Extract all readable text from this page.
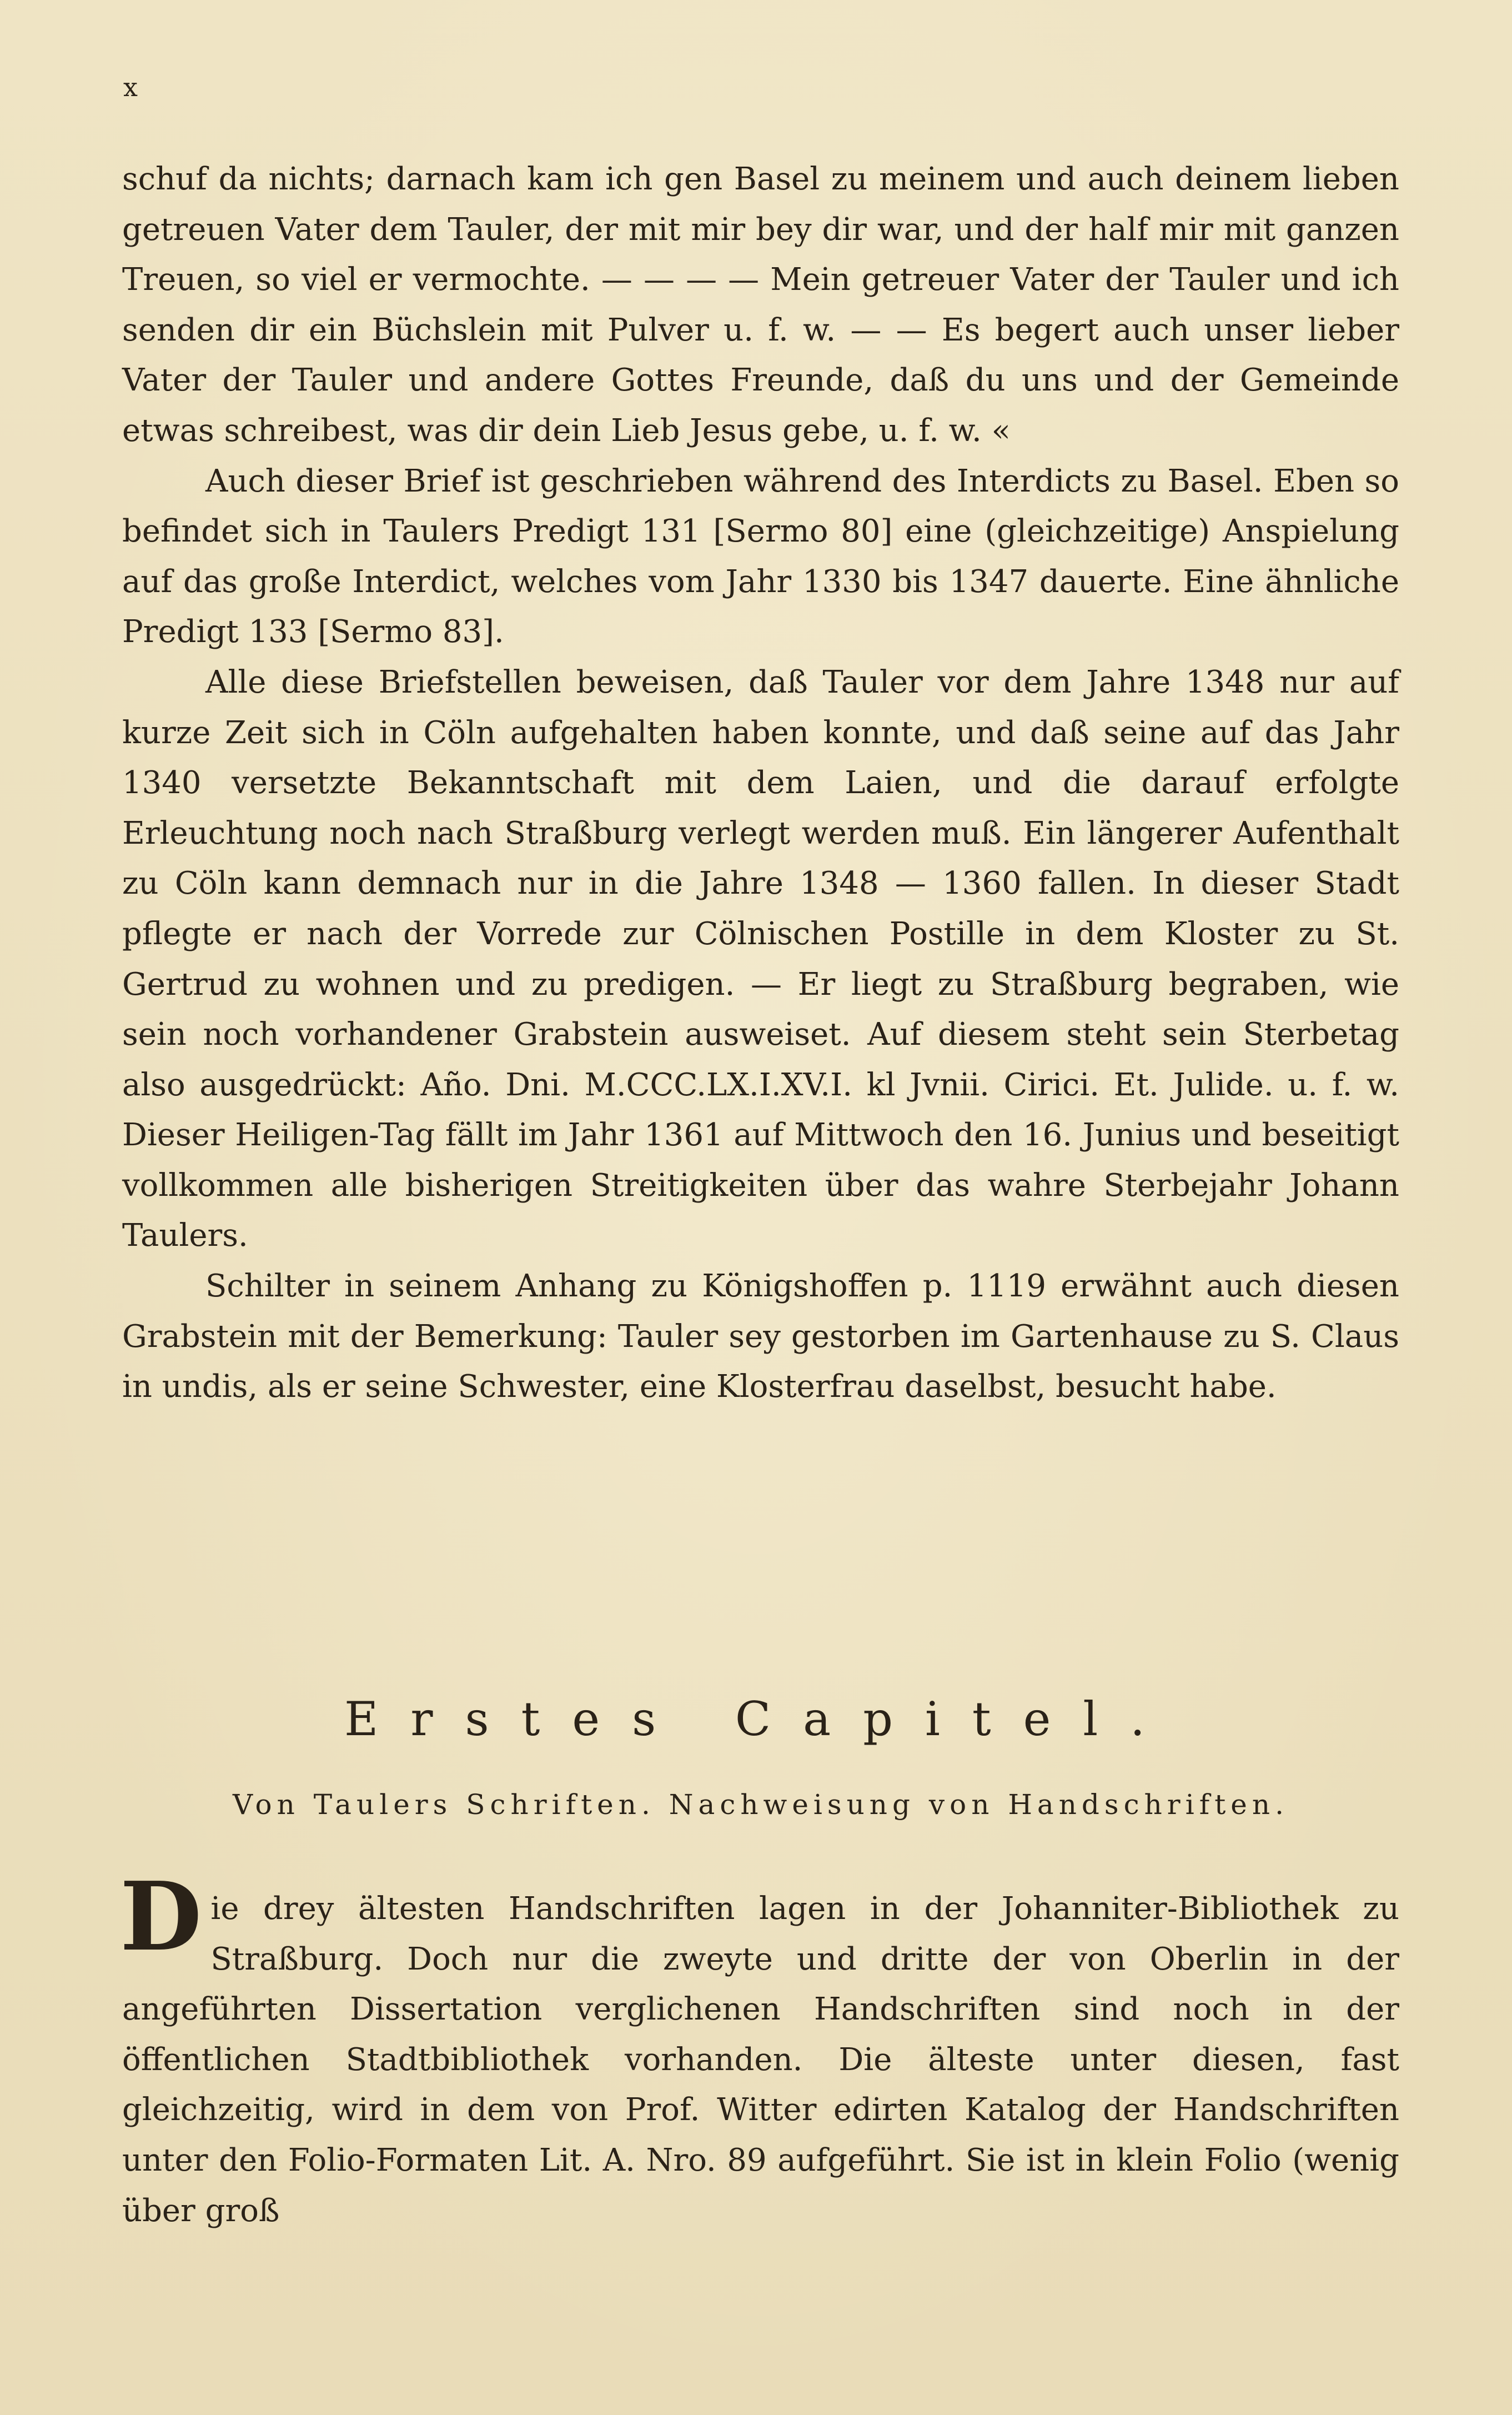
x

schuf da nichts; darnach kam ich gen Basel zu meinem und auch deinem lieben getreuen Vater dem Tauler, der mit mir bey dir war, und der half mir mit ganzen Treuen, so viel er vermochte. — — — — Mein getreuer Vater der Tauler und ich senden dir ein Büchslein mit Pulver u. f. w. — — Es begert auch unser lieber Vater der Tauler und andere Gottes Freunde, daß du uns und der Gemeinde etwas schreibest, was dir dein Lieb Jesus gebe, u. f. w. «

Auch dieser Brief ist geschrieben während des Interdicts zu Basel. Eben so befindet sich in Taulers Predigt 131 [Sermo 80] eine (gleichzeitige) Anspielung auf das große Interdict, welches vom Jahr 1330 bis 1347 dauerte. Eine ähnliche Predigt 133 [Sermo 83].

Alle diese Briefstellen beweisen, daß Tauler vor dem Jahre 1348 nur auf kurze Zeit sich in Cöln aufgehalten haben konnte, und daß seine auf das Jahr 1340 versetzte Bekanntschaft mit dem Laien, und die darauf erfolgte Erleuchtung noch nach Straßburg verlegt werden muß. Ein längerer Aufenthalt zu Cöln kann demnach nur in die Jahre 1348 — 1360 fallen. In dieser Stadt pflegte er nach der Vorrede zur Cölnischen Postille in dem Kloster zu St. Gertrud zu wohnen und zu predigen. — Er liegt zu Straßburg begraben, wie sein noch vorhandener Grabstein ausweiset. Auf diesem steht sein Sterbetag also ausgedrückt: Año. Dni. M.CCC.LX.I.XV.I. kl Jvnii. Cirici. Et. Julide. u. f. w. Dieser Heiligen-Tag fällt im Jahr 1361 auf Mittwoch den 16. Junius und beseitigt vollkommen alle bisherigen Streitigkeiten über das wahre Sterbejahr Johann Taulers.

Schilter in seinem Anhang zu Königshoffen p. 1119 erwähnt auch diesen Grabstein mit der Bemerkung: Tauler sey gestorben im Gartenhause zu S. Claus in undis, als er seine Schwester, eine Klosterfrau daselbst, besucht habe.

Erstes Capitel.
Von Taulers Schriften. Nachweisung von Handschriften.

Die drey ältesten Handschriften lagen in der Johanniter-Bibliothek zu Straßburg. Doch nur die zweyte und dritte der von Oberlin in der angeführten Dissertation verglichenen Handschriften sind noch in der öffentlichen Stadtbibliothek vorhanden. Die älteste unter diesen, fast gleichzeitig, wird in dem von Prof. Witter edirten Katalog der Handschriften unter den Folio-Formaten Lit. A. Nro. 89 aufgeführt. Sie ist in klein Folio (wenig über groß
